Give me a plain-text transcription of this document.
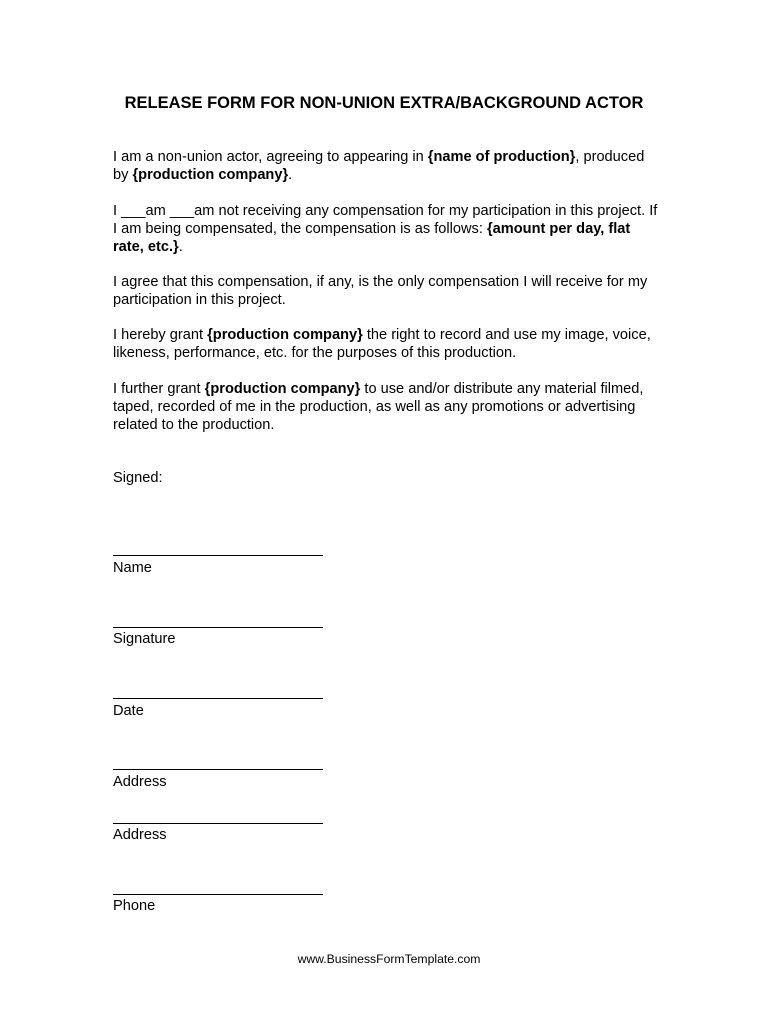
RELEASE FORM FOR NON-UNION EXTRA/BACKGROUND ACTOR

I am a non-union actor, agreeing to appearing in {name of production}, produced by {production company}.

I ___am ___am not receiving any compensation for my participation in this project. If I am being compensated, the compensation is as follows: {amount per day, flat rate, etc.}.

I agree that this compensation, if any, is the only compensation I will receive for my participation in this project.

I hereby grant {production company} the right to record and use my image, voice, likeness, performance, etc. for the purposes of this production.

I further grant {production company} to use and/or distribute any material filmed, taped, recorded of me in the production, as well as any promotions or advertising related to the production.

Signed:
Name
Signature
Date
Address
Address
Phone
www.BusinessFormTemplate.com
